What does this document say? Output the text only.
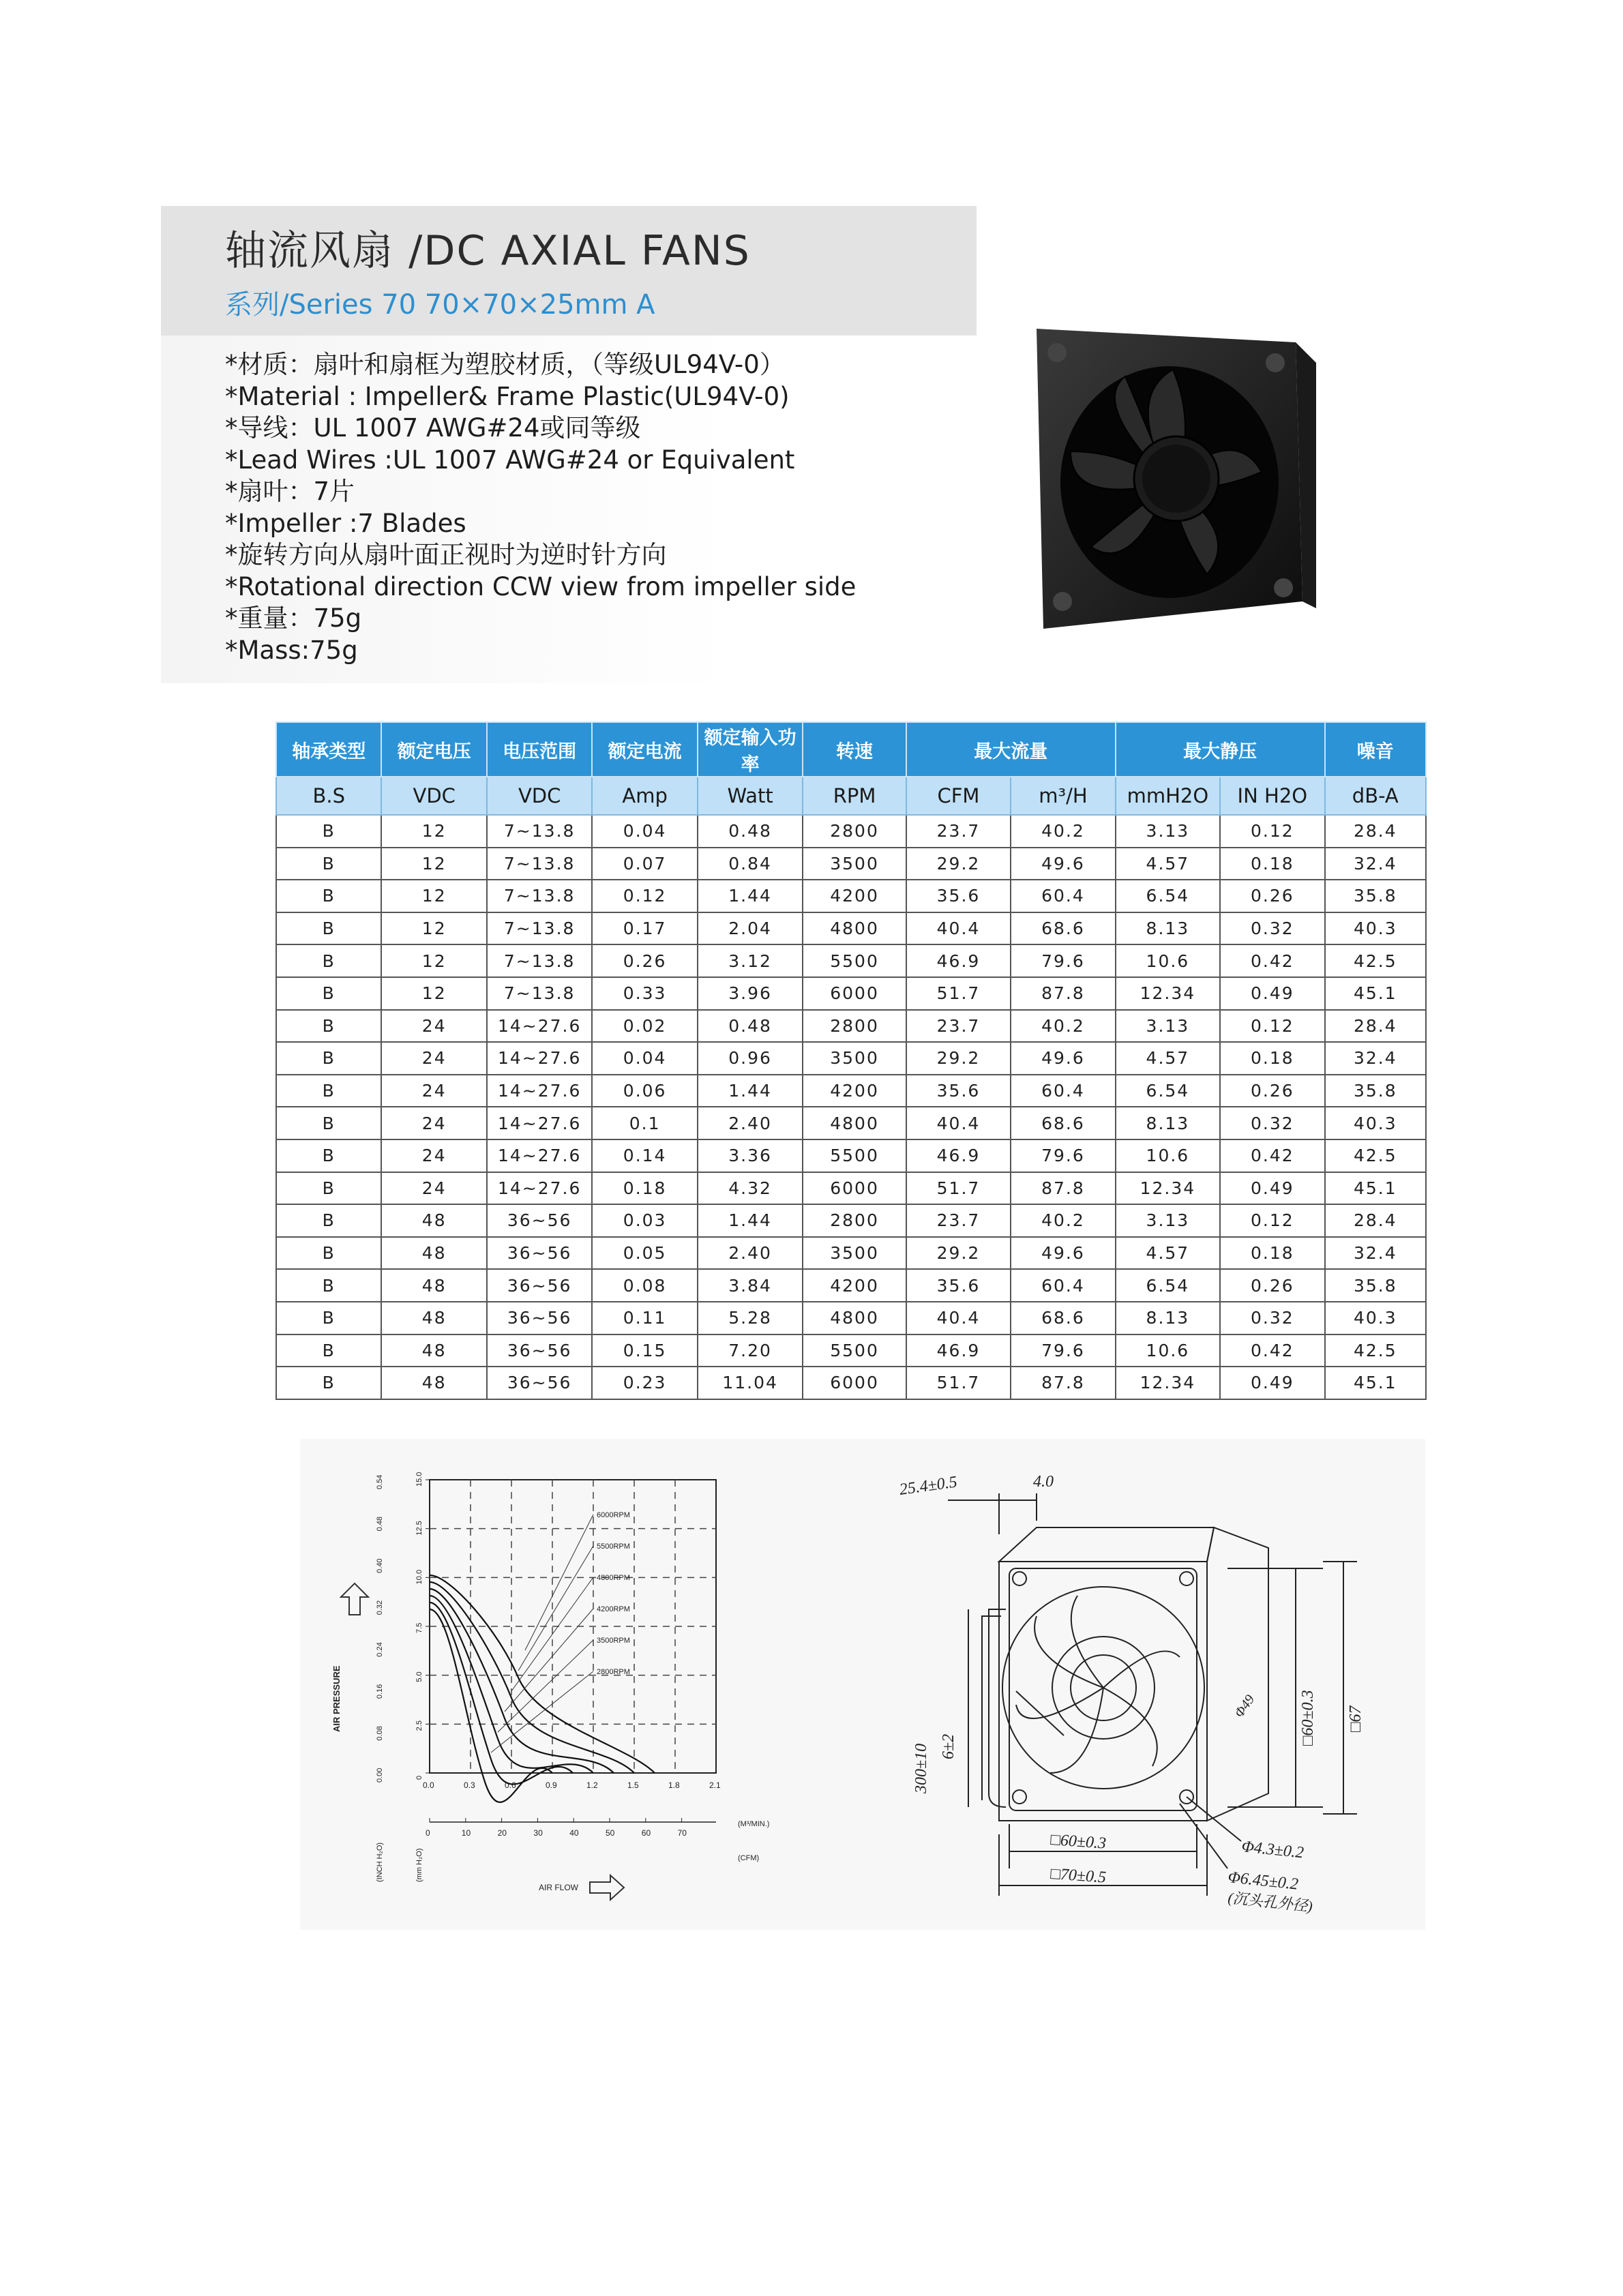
轴流风扇 /DC AXIAL FANS
系列/Series 70 70×70×25mm A
*材质：扇叶和扇框为塑胶材质，（等级UL94V-0）
*Material : Impeller& Frame Plastic(UL94V-0)
*导线：UL 1007 AWG#24或同等级
*Lead Wires :UL 1007 AWG#24 or Equivalent
*扇叶：7片
*Impeller :7 Blades
*旋转方向从扇叶面正视时为逆时针方向
*Rotational direction CCW view from impeller side
*重量：75g
*Mass:75g
轴承类型	额定电压	电压范围	额定电流	额定输入功率	转速	最大流量		最大静压		噪音
B.S	VDC	VDC	Amp	Watt	RPM	CFM	m³/H	mmH2O	IN H2O	dB-A
B	12	7~13.8	0.04	0.48	2800	23.7	40.2	3.13	0.12	28.4
B	12	7~13.8	0.07	0.84	3500	29.2	49.6	4.57	0.18	32.4
B	12	7~13.8	0.12	1.44	4200	35.6	60.4	6.54	0.26	35.8
B	12	7~13.8	0.17	2.04	4800	40.4	68.6	8.13	0.32	40.3
B	12	7~13.8	0.26	3.12	5500	46.9	79.6	10.6	0.42	42.5
B	12	7~13.8	0.33	3.96	6000	51.7	87.8	12.34	0.49	45.1
B	24	14~27.6	0.02	0.48	2800	23.7	40.2	3.13	0.12	28.4
B	24	14~27.6	0.04	0.96	3500	29.2	49.6	4.57	0.18	32.4
B	24	14~27.6	0.06	1.44	4200	35.6	60.4	6.54	0.26	35.8
B	24	14~27.6	0.1	2.40	4800	40.4	68.6	8.13	0.32	40.3
B	24	14~27.6	0.14	3.36	5500	46.9	79.6	10.6	0.42	42.5
B	24	14~27.6	0.18	4.32	6000	51.7	87.8	12.34	0.49	45.1
B	48	36~56	0.03	1.44	2800	23.7	40.2	3.13	0.12	28.4
B	48	36~56	0.05	2.40	3500	29.2	49.6	4.57	0.18	32.4
B	48	36~56	0.08	3.84	4200	35.6	60.4	6.54	0.26	35.8
B	48	36~56	0.11	5.28	4800	40.4	68.6	8.13	0.32	40.3
B	48	36~56	0.15	7.20	5500	46.9	79.6	10.6	0.42	42.5
B	48	36~56	0.23	11.04	6000	51.7	87.8	12.34	0.49	45.1
AIR PRESSURE
(INCH H₂O)	(mm H₂O)
(M³/MIN.)
(CFM)
AIR FLOW
0.00
0.08
0.16
0.24
0.32
0.40
0.48
0.54
0
2.5
5.0
7.5
10.0
12.5
15.0
0.0	0.3	0.6	0.9	1.2	1.5	1.8	2.1
0	10	20	30	40	50	60	70
6000RPM
5500RPM
4800RPM
4200RPM
3500RPM
2800RPM
25.4±0.5	4.0
300±10 6±2
□60±0.3 □67
□60±0.3
□70±0.5
Φ4.3±0.2
Φ6.45±0.2
(沉头孔外径)
Φ49
